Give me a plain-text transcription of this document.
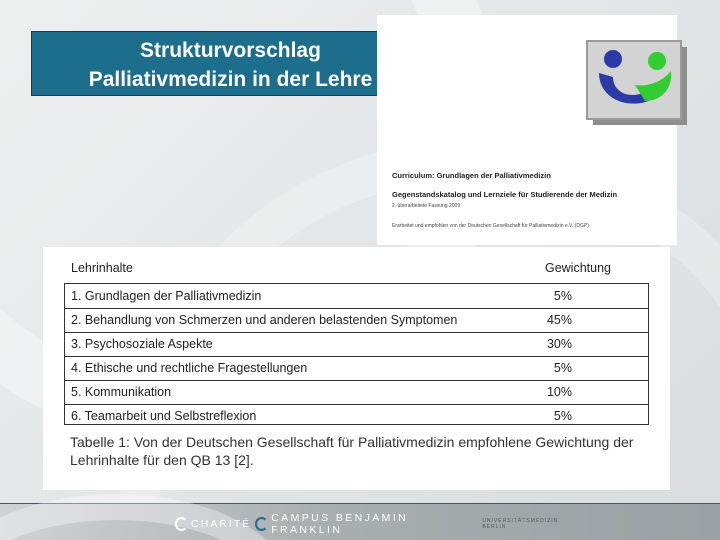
Strukturvorschlag
Palliativmedizin in der Lehre
Curriculum: Grundlagen der Palliativmedizin
Gegenstandskatalog und Lernziele für Studierende der Medizin
2. überarbeitete Fassung 2009
Erarbeitet und empfohlen von der Deutschen Gesellschaft für Palliativmedizin e.V. (DGP)
Lehrinhalte	Gewichtung
1. Grundlagen der Palliativmedizin	5%
2. Behandlung von Schmerzen und anderen belastenden Symptomen	45%
3. Psychosoziale Aspekte	30%
4. Ethische und rechtliche Fragestellungen	5%
5. Kommunikation	10%
6. Teamarbeit und Selbstreflexion	5%
Tabelle 1: Von der Deutschen Gesellschaft für Palliativmedizin empfohlene Gewichtung der Lehrinhalte für den QB 13 [2].
CHARITÉ CAMPUS BENJAMIN FRANKLIN
UNIVERSITÄTSMEDIZIN BERLIN
